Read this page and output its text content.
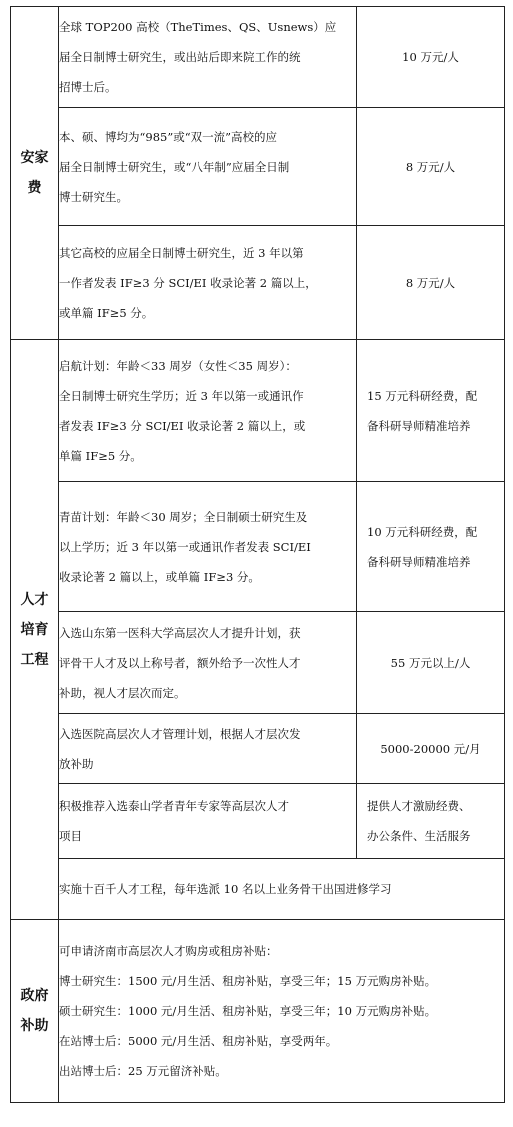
安家
费	全球 TOP200 高校（TheTimes、QS、Usnews）应
届全日制博士研究生，或出站后即来院工作的统
招博士后。	10 万元/人

	本、硕、博均为“985”或“双一流”高校的应
届全日制博士研究生，或“八年制”应届全日制
博士研究生。	8 万元/人

	其它高校的应届全日制博士研究生，近 3 年以第
一作者发表 IF≥3 分 SCI/EI 收录论著 2 篇以上，
或单篇 IF≥5 分。	8 万元/人

人才
培育
工程	启航计划：年龄＜33 周岁（女性＜35 周岁）：
全日制博士研究生学历；近 3 年以第一或通讯作
者发表 IF≥3 分 SCI/EI 收录论著 2 篇以上，或
单篇 IF≥5 分。	15 万元科研经费，配
备科研导师精准培养

	青苗计划：年龄＜30 周岁；全日制硕士研究生及
以上学历；近 3 年以第一或通讯作者发表 SCI/EI
收录论著 2 篇以上，或单篇 IF≥3 分。	10 万元科研经费，配
备科研导师精准培养

	入选山东第一医科大学高层次人才提升计划，获
评骨干人才及以上称号者，额外给予一次性人才
补助，视人才层次而定。	55 万元以上/人

	入选医院高层次人才管理计划，根据人才层次发
放补助	5000-20000 元/月

	积极推荐入选泰山学者青年专家等高层次人才
项目	提供人才激励经费、
办公条件、生活服务

	实施十百千人才工程，每年选派 10 名以上业务骨干出国进修学习	

政府
补助	可申请济南市高层次人才购房或租房补贴：
博士研究生：1500 元/月生活、租房补贴，享受三年；15 万元购房补贴。
硕士研究生：1000 元/月生活、租房补贴，享受三年；10 万元购房补贴。
在站博士后：5000 元/月生活、租房补贴，享受两年。
出站博士后：25 万元留济补贴。	
